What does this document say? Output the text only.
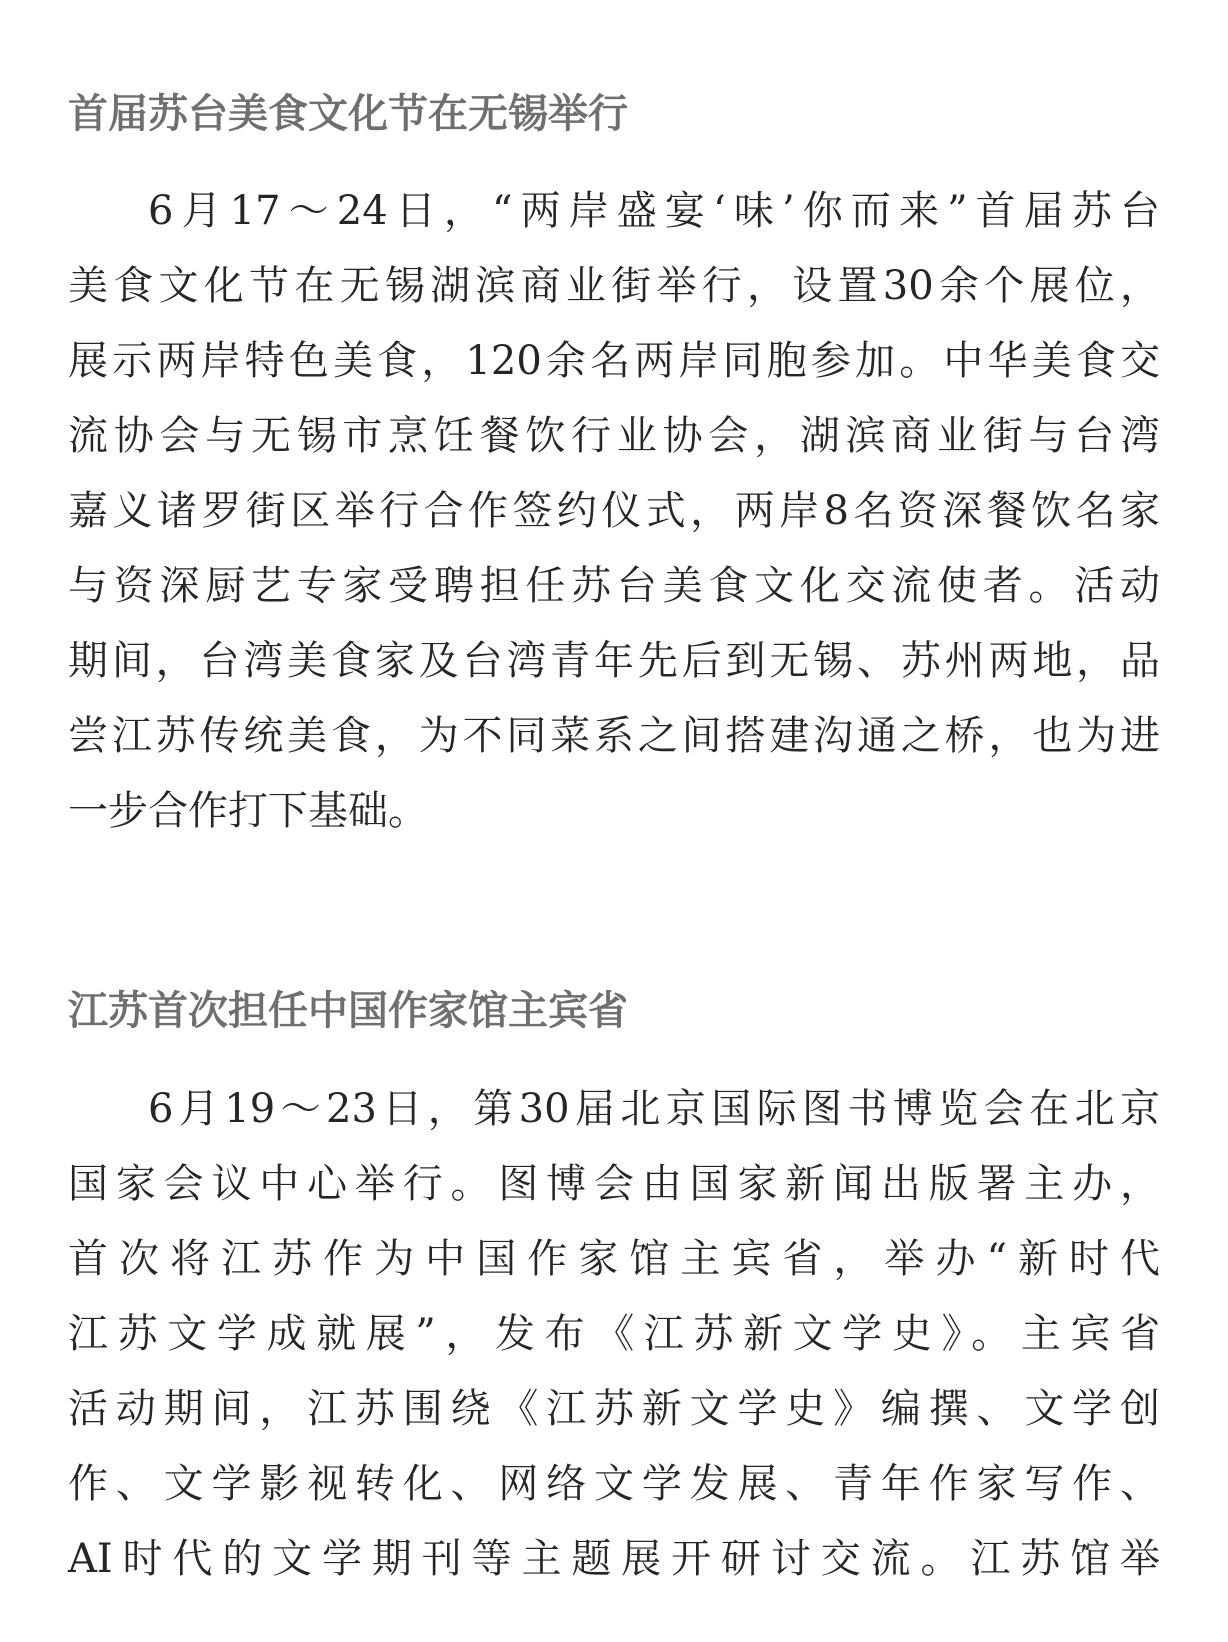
首届苏台美食文化节在无锡举行

6月17～24日，“两岸盛宴‘味’你而来”首届苏台

美食文化节在无锡湖滨商业街举行，设置30余个展位，

展示两岸特色美食，120余名两岸同胞参加。中华美食交

流协会与无锡市烹饪餐饮行业协会，湖滨商业街与台湾

嘉义诸罗街区举行合作签约仪式，两岸8名资深餐饮名家

与资深厨艺专家受聘担任苏台美食文化交流使者。活动

期间，台湾美食家及台湾青年先后到无锡、苏州两地，品

尝江苏传统美食，为不同菜系之间搭建沟通之桥，也为进

一步合作打下基础。

江苏首次担任中国作家馆主宾省

6月19～23日，第30届北京国际图书博览会在北京

国家会议中心举行。图博会由国家新闻出版署主办，

首次将江苏作为中国作家馆主宾省，举办“新时代

江苏文学成就展”，发布《江苏新文学史》。主宾省

活动期间，江苏围绕《江苏新文学史》编撰、文学创

作、文学影视转化、网络文学发展、青年作家写作、

AI时代的文学期刊等主题展开研讨交流。江苏馆举
